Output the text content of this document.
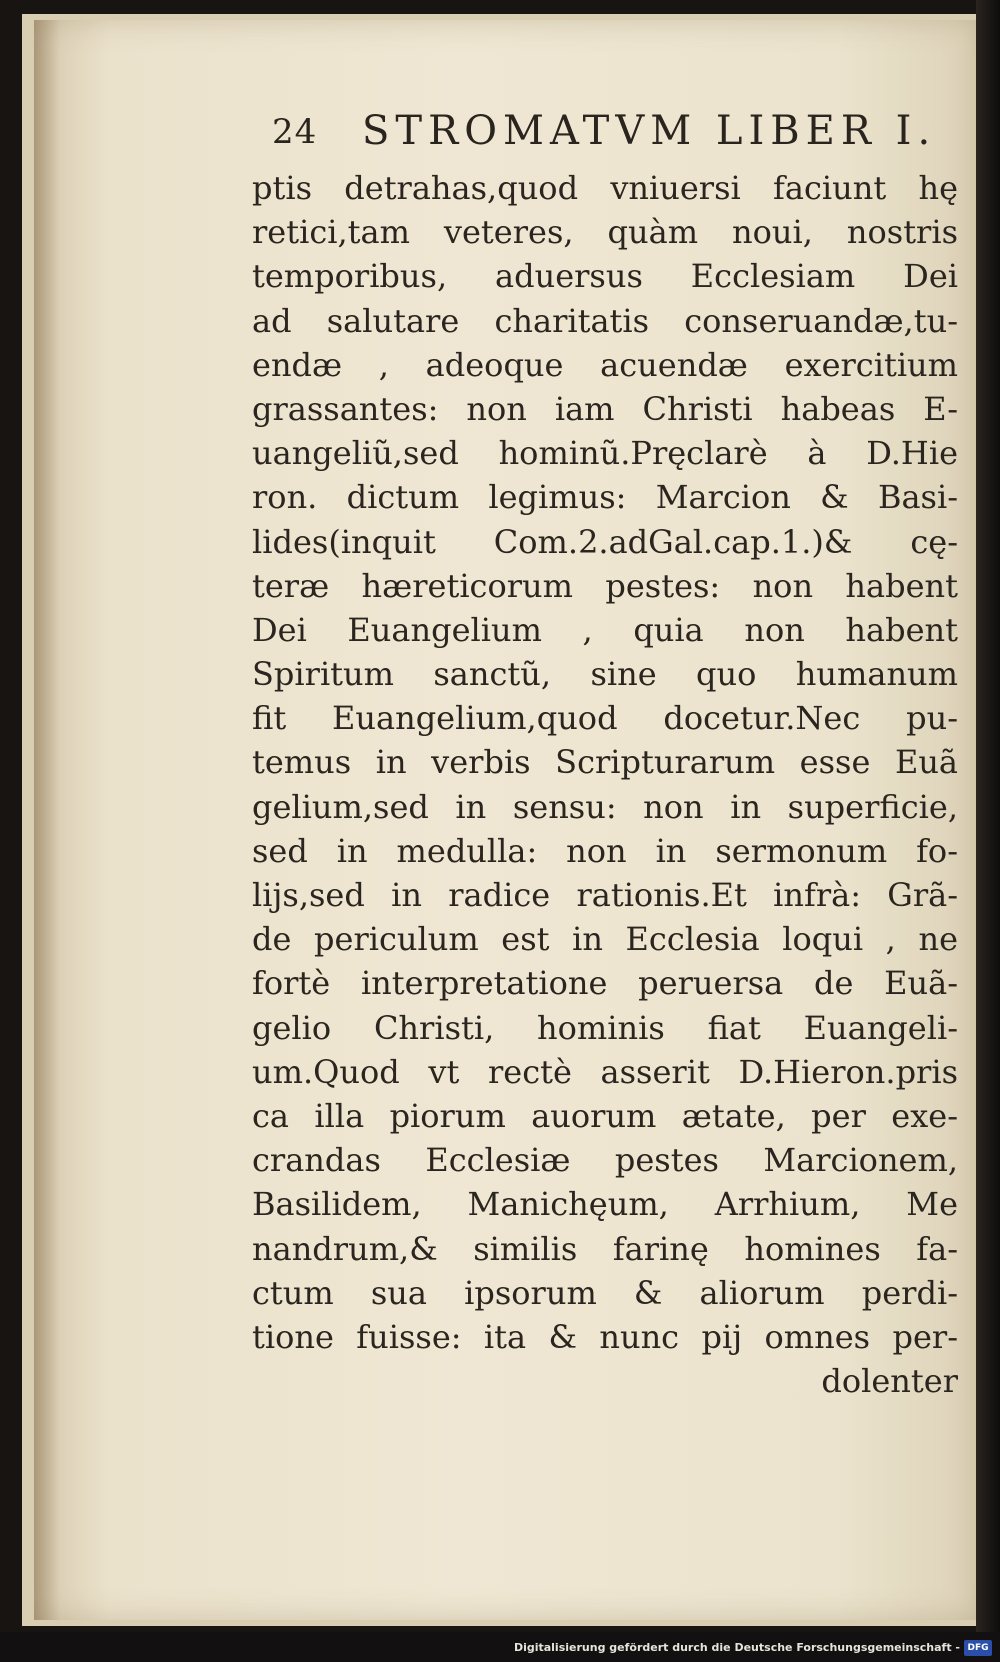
24 STROMATVM LIBER I.
ptis detrahas,quod vniuersi faciunt hę
retici,tam veteres, quàm noui, nostris
temporibus, aduersus Ecclesiam Dei
ad salutare charitatis conseruandæ,tu-
endæ , adeoque acuendæ exercitium
grassantes: non iam Christi habeas E-
uangeliũ,sed hominũ.Pręclarè à D.Hie
ron. dictum legimus: Marcion & Basi-
lides(inquit Com.2.adGal.cap.1.)& cę-
teræ hæreticorum pestes: non habent
Dei Euangelium , quia non habent
Spiritum sanctũ, sine quo humanum
fit Euangelium,quod docetur.Nec pu-
temus in verbis Scripturarum esse Euã
gelium,sed in sensu: non in superficie,
sed in medulla: non in sermonum fo-
lijs,sed in radice rationis.Et infrà: Grã-
de periculum est in Ecclesia loqui , ne
fortè interpretatione peruersa de Euã-
gelio Christi, hominis fiat Euangeli-
um.Quod vt rectè asserit D.Hieron.pris
ca illa piorum auorum ætate, per exe-
crandas Ecclesiæ pestes Marcionem,
Basilidem, Manichęum, Arrhium, Me
nandrum,& similis farinę homines fa-
ctum sua ipsorum & aliorum perdi-
tione fuisse: ita & nunc pij omnes per-
dolenter
Digitalisierung gefördert durch die Deutsche Forschungsgemeinschaft - DFG
